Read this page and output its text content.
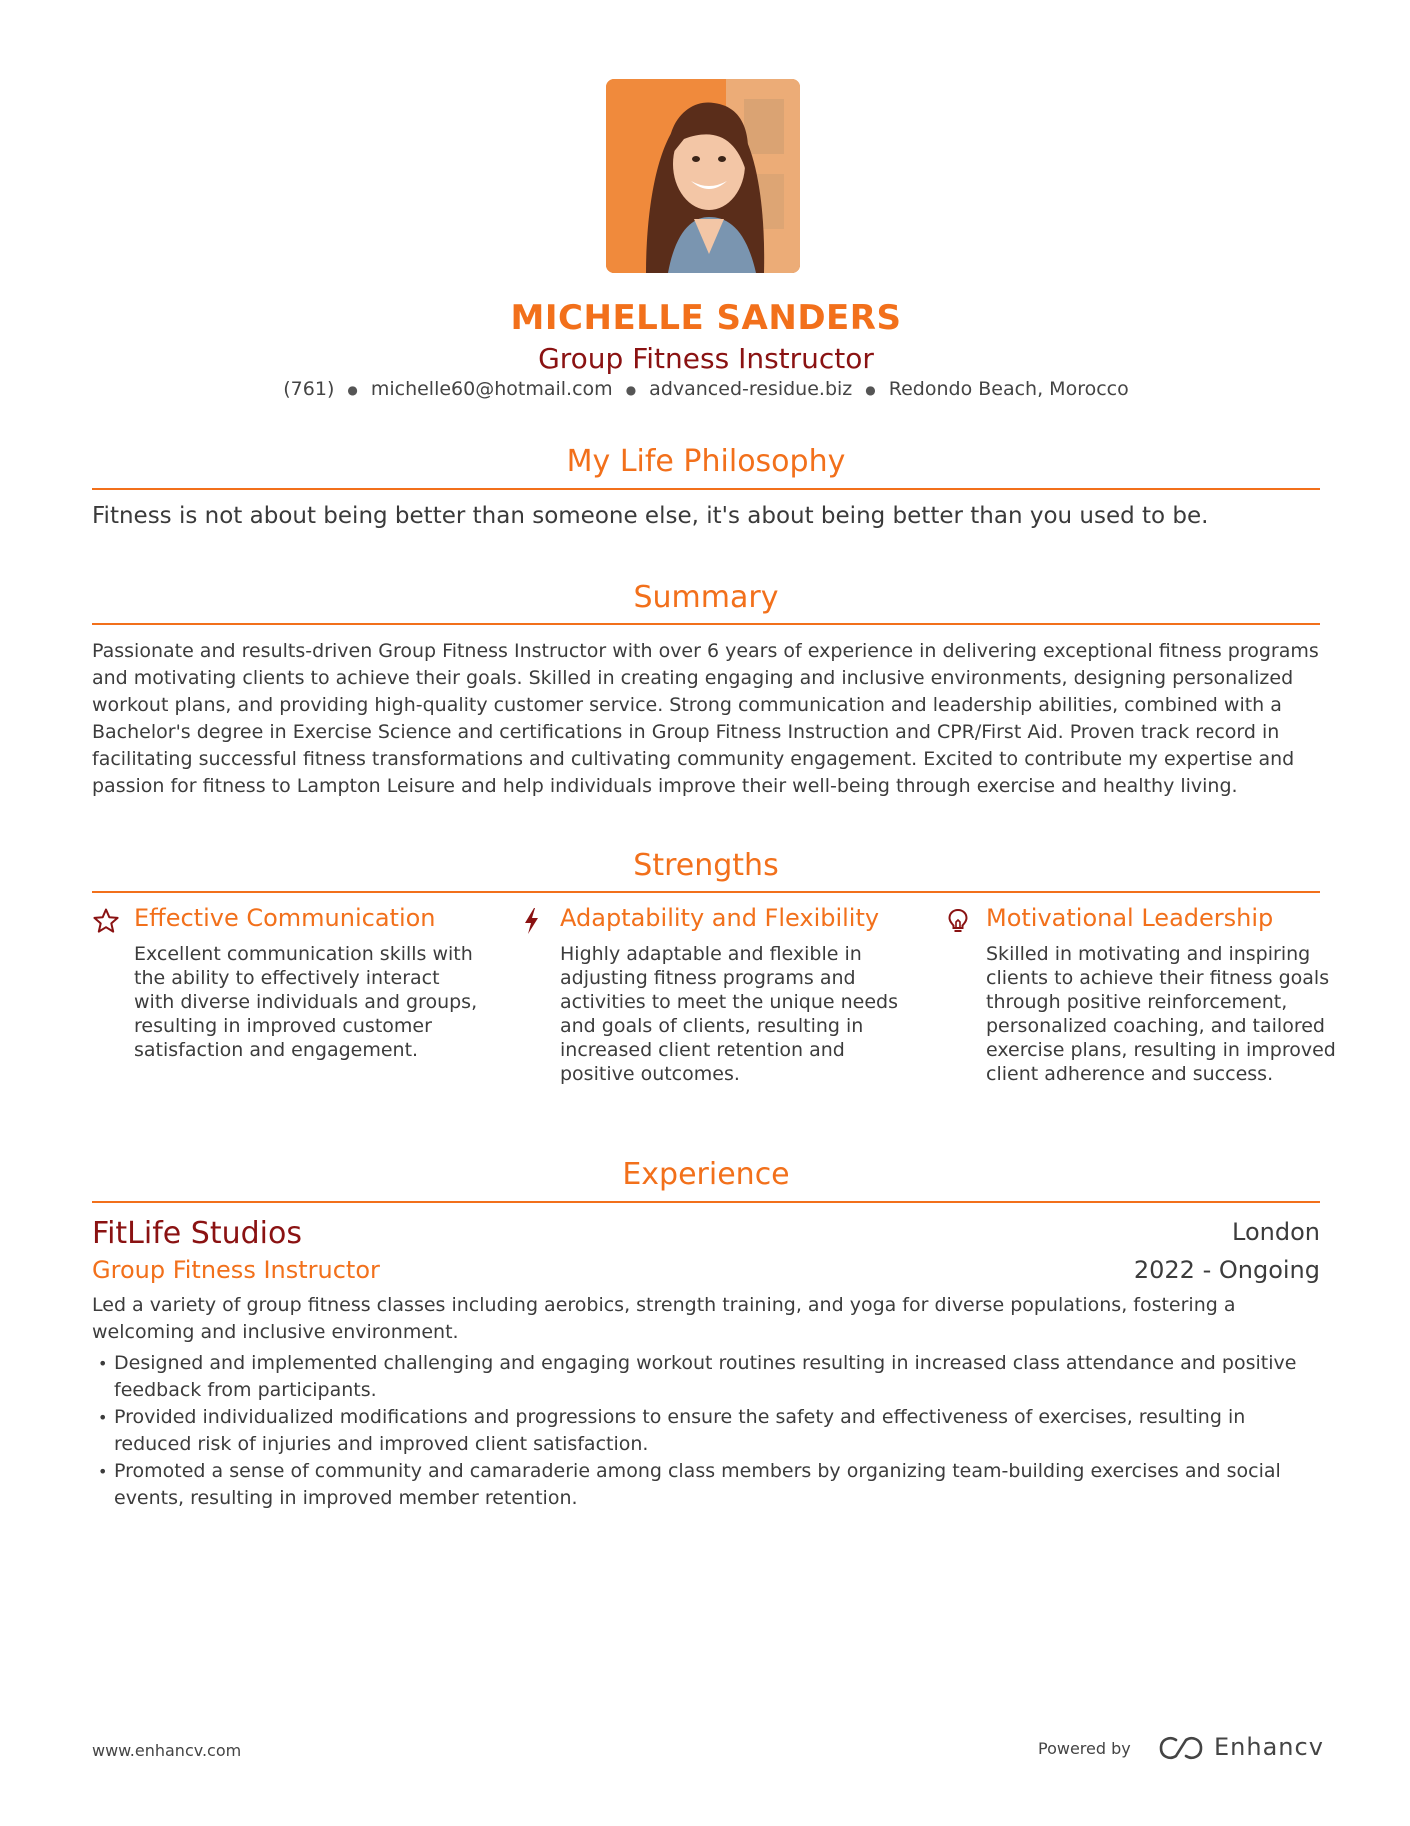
MICHELLE SANDERS
Group Fitness Instructor
(761) ● michelle60@hotmail.com ● advanced-residue.biz ● Redondo Beach, Morocco
My Life Philosophy
Fitness is not about being better than someone else, it's about being better than you used to be.
Summary
Passionate and results-driven Group Fitness Instructor with over 6 years of experience in delivering exceptional fitness programs and motivating clients to achieve their goals. Skilled in creating engaging and inclusive environments, designing personalized workout plans, and providing high-quality customer service. Strong communication and leadership abilities, combined with a Bachelor's degree in Exercise Science and certifications in Group Fitness Instruction and CPR/First Aid. Proven track record in facilitating successful fitness transformations and cultivating community engagement. Excited to contribute my expertise and passion for fitness to Lampton Leisure and help individuals improve their well-being through exercise and healthy living.
Strengths
Effective Communication
Excellent communication skills with the ability to effectively interact with diverse individuals and groups, resulting in improved customer satisfaction and engagement.
Adaptability and Flexibility
Highly adaptable and flexible in adjusting fitness programs and activities to meet the unique needs and goals of clients, resulting in increased client retention and positive outcomes.
Motivational Leadership
Skilled in motivating and inspiring clients to achieve their fitness goals through positive reinforcement, personalized coaching, and tailored exercise plans, resulting in improved client adherence and success.
Experience
FitLife Studios	London
Group Fitness Instructor	2022 - Ongoing
Led a variety of group fitness classes including aerobics, strength training, and yoga for diverse populations, fostering a welcoming and inclusive environment.
• Designed and implemented challenging and engaging workout routines resulting in increased class attendance and positive feedback from participants.
• Provided individualized modifications and progressions to ensure the safety and effectiveness of exercises, resulting in reduced risk of injuries and improved client satisfaction.
• Promoted a sense of community and camaraderie among class members by organizing team-building exercises and social events, resulting in improved member retention.
www.enhancv.com	Powered by	Enhancv
